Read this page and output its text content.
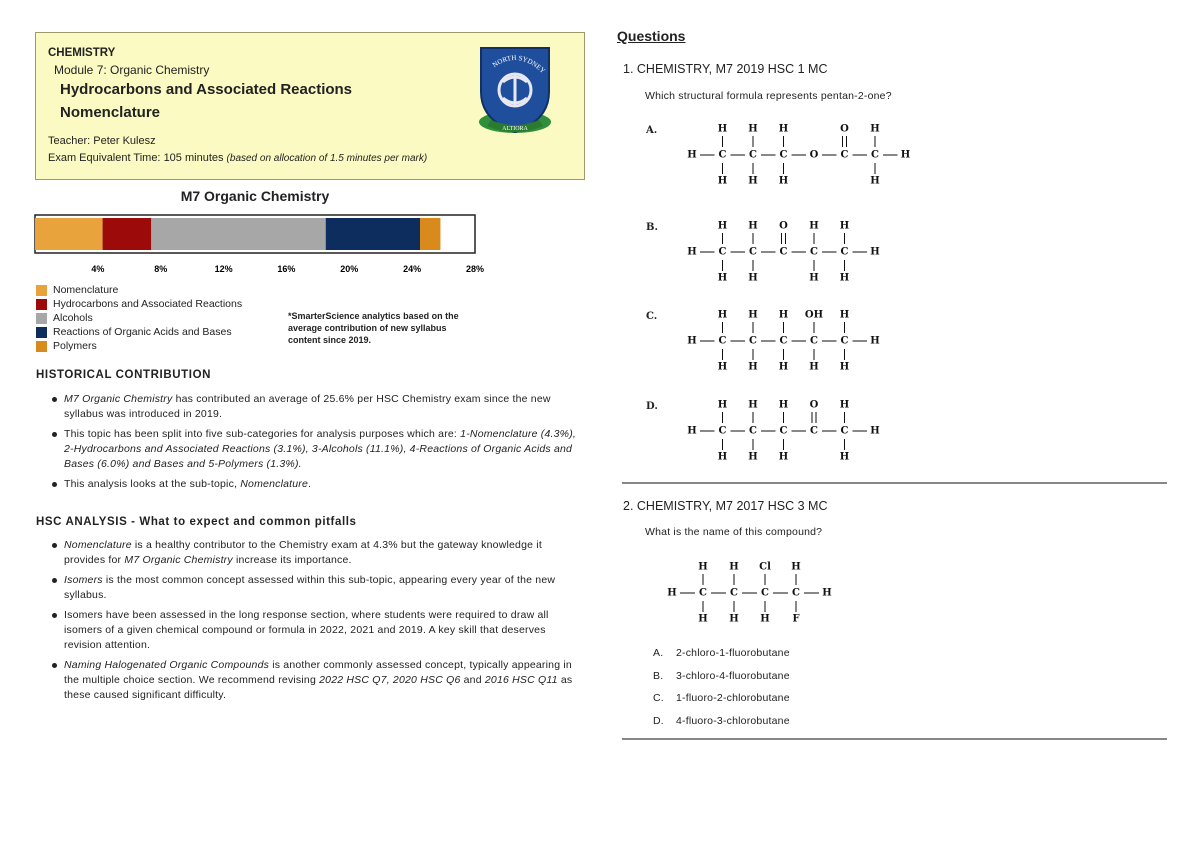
CHEMISTRY
Module 7: Organic Chemistry
Hydrocarbons and Associated Reactions
Nomenclature
Teacher: Peter Kulesz
Exam Equivalent Time: 105 minutes (based on allocation of 1.5 minutes per mark)
NORTH SYDNEY
ALTIORA
M7 Organic Chemistry
4%	8%	12%	16%	20%	24%	28%
Nomenclature
Hydrocarbons and Associated Reactions
Alcohols
Reactions of Organic Acids and Bases
Polymers
*SmarterScience analytics based on the average contribution of new syllabus content since 2019.
HISTORICAL CONTRIBUTION
M7 Organic Chemistry has contributed an average of 25.6% per HSC Chemistry exam since the new syllabus was introduced in 2019.
This topic has been split into five sub-categories for analysis purposes which are: 1-Nomenclature (4.3%), 2-Hydrocarbons and Associated Reactions (3.1%), 3-Alcohols (11.1%), 4-Reactions of Organic Acids and Bases (6.0%) and Bases and 5-Polymers (1.3%).
This analysis looks at the sub-topic, Nomenclature.
HSC ANALYSIS - What to expect and common pitfalls
Nomenclature is a healthy contributor to the Chemistry exam at 4.3% but the gateway knowledge it provides for M7 Organic Chemistry increase its importance.
Isomers is the most common concept assessed within this sub-topic, appearing every year of the new syllabus.
Isomers have been assessed in the long response section, where students were required to draw all isomers of a given chemical compound or formula in 2022, 2021 and 2019. A key skill that deserves revision attention.
Naming Halogenated Organic Compounds is another commonly assessed concept, typically appearing in the multiple choice section. We recommend revising 2022 HSC Q7, 2020 HSC Q6 and 2016 HSC Q11 as these caused significant difficulty.
Questions
1. CHEMISTRY, M7 2019 HSC 1 MC
Which structural formula represents pentan-2-one?
A.
H C
H
H
C
H
H
C
H
H
O C
O
C
H
H
H
B.
H C
H
H
C
H
H
C
O
C
H
H
C
H
H
H
C.
H C
H
H
C
H
H
C
H
H
C
OH
H
C
H
H
H
D.
H C
H
H
C
H
H
C
H
H
C
O
C
H
H
H
2. CHEMISTRY, M7 2017 HSC 3 MC
What is the name of this compound?
H C
H
H
C
H
H
C
Cl
H
C
H
F
H
A. 2-chloro-1-fluorobutane
B. 3-chloro-4-fluorobutane
C. 1-fluoro-2-chlorobutane
D. 4-fluoro-3-chlorobutane
